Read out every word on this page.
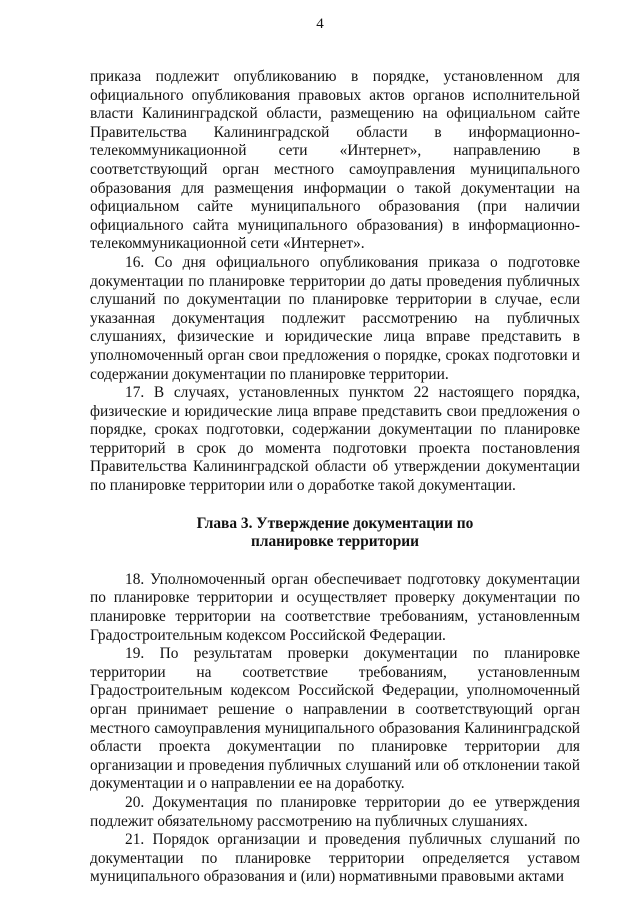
4

приказа подлежит опубликованию в порядке, установленном для официального опубликования правовых актов органов исполнительной власти Калининградской области, размещению на официальном сайте Правительства Калининградской области в информационно-телекоммуникационной сети «Интернет», направлению в соответствующий орган местного самоуправления муниципального образования для размещения информации о такой документации на официальном сайте муниципального образования (при наличии официального сайта муниципального образования) в информационно-телекоммуникационной сети «Интернет».

16. Со дня официального опубликования приказа о подготовке документации по планировке территории до даты проведения публичных слушаний по документации по планировке территории в случае, если указанная документация подлежит рассмотрению на публичных слушаниях, физические и юридические лица вправе представить в уполномоченный орган свои предложения о порядке, сроках подготовки и содержании документации по планировке территории.

17. В случаях, установленных пунктом 22 настоящего порядка, физические и юридические лица вправе представить свои предложения о порядке, сроках подготовки, содержании документации по планировке территорий в срок до момента подготовки проекта постановления Правительства Калининградской области об утверждении документации по планировке территории или о доработке такой документации.

Глава 3. Утверждение документации по
планировке территории

18. Уполномоченный орган обеспечивает подготовку документации по планировке территории и осуществляет проверку документации по планировке территории на соответствие требованиям, установленным Градостроительным кодексом Российской Федерации.

19. По результатам проверки документации по планировке территории на соответствие требованиям, установленным Градостроительным кодексом Российской Федерации, уполномоченный орган принимает решение о направлении в соответствующий орган местного самоуправления муниципального образования Калининградской области проекта документации по планировке территории для организации и проведения публичных слушаний или об отклонении такой документации и о направлении ее на доработку.

20. Документация по планировке территории до ее утверждения подлежит обязательному рассмотрению на публичных слушаниях.

21. Порядок организации и проведения публичных слушаний по документации по планировке территории определяется уставом муниципального образования и (или) нормативными правовыми актами
